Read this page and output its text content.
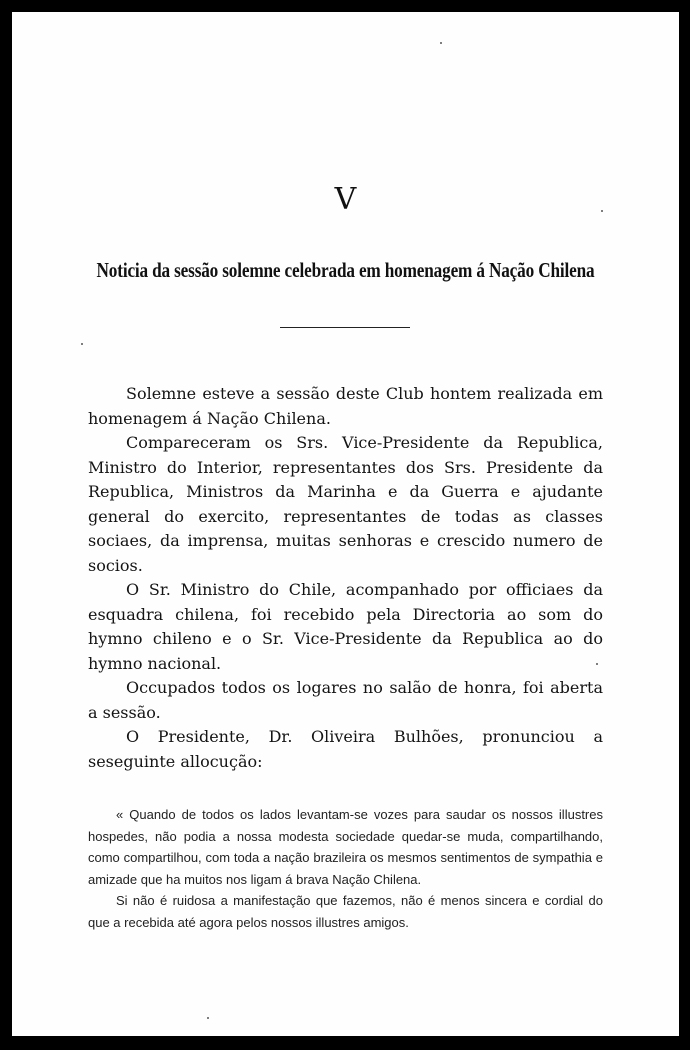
V
Noticia da sessão solemne celebrada em homenagem á Nação Chilena

Solemne esteve a sessão deste Club hontem realizada em homenagem á Nação Chilena.

Compareceram os Srs. Vice-Presidente da Republica, Ministro do Interior, representantes dos Srs. Presidente da Republica, Ministros da Marinha e da Guerra e ajudante general do exercito, representantes de todas as classes sociaes, da imprensa, muitas senhoras e crescido numero de socios.

O Sr. Ministro do Chile, acompanhado por officiaes da esquadra chilena, foi recebido pela Directoria ao som do hymno chileno e o Sr. Vice-Presidente da Republica ao do hymno nacional.

Occupados todos os logares no salão de honra, foi aberta a sessão.

O Presidente, Dr. Oliveira Bulhões, pronunciou a seseguinte allocução:

« Quando de todos os lados levantam-se vozes para saudar os nossos illustres hospedes, não podia a nossa modesta sociedade quedar-se muda, compartilhando, como compartilhou, com toda a nação brazileira os mesmos sentimentos de sympathia e amizade que ha muitos nos ligam á brava Nação Chilena.

Si não é ruidosa a manifestação que fazemos, não é menos sincera e cordial do que a recebida até agora pelos nossos illustres amigos.
